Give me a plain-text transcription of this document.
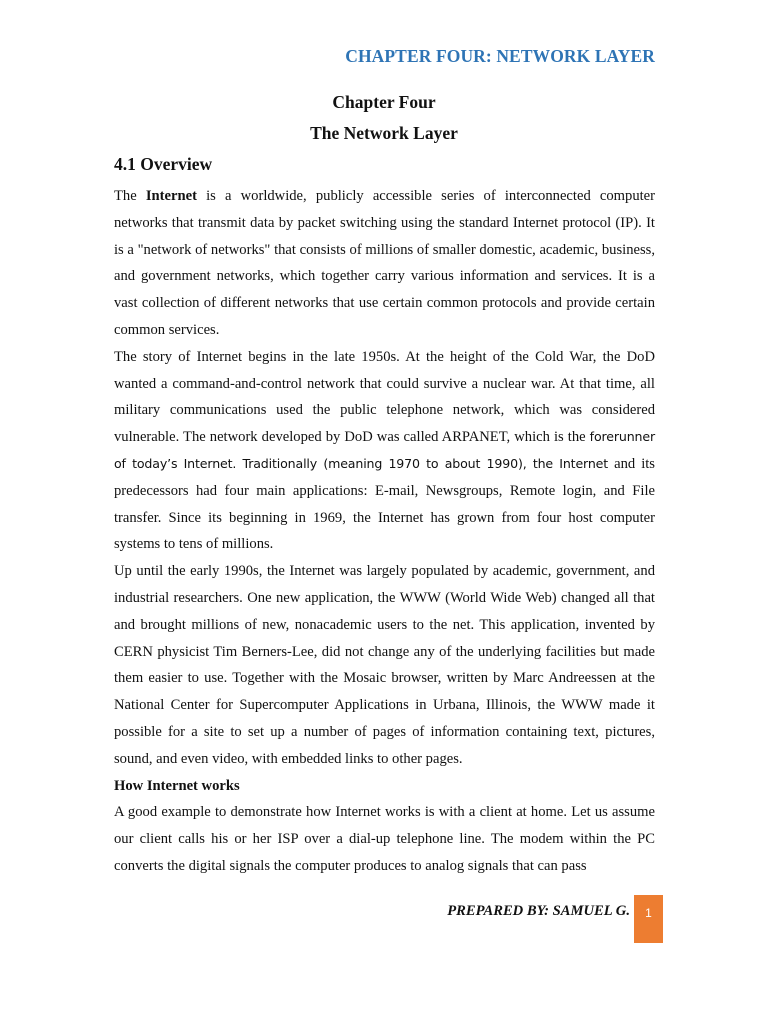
CHAPTER FOUR: NETWORK LAYER
Chapter Four
The Network Layer
4.1 Overview

The Internet is a worldwide, publicly accessible series of interconnected computer networks that transmit data by packet switching using the standard Internet protocol (IP). It is a "network of networks" that consists of millions of smaller domestic, academic, business, and government networks, which together carry various information and services. It is a vast collection of different networks that use certain common protocols and provide certain common services.

The story of Internet begins in the late 1950s. At the height of the Cold War, the DoD wanted a command-and-control network that could survive a nuclear war. At that time, all military communications used the public telephone network, which was considered vulnerable. The network developed by DoD was called ARPANET, which is the forerunner of today’s Internet. Traditionally (meaning 1970 to about 1990), the Internet and its predecessors had four main applications: E-mail, Newsgroups, Remote login, and File transfer. Since its beginning in 1969, the Internet has grown from four host computer systems to tens of millions.

Up until the early 1990s, the Internet was largely populated by academic, government, and industrial researchers. One new application, the WWW (World Wide Web) changed all that and brought millions of new, nonacademic users to the net. This application, invented by CERN physicist Tim Berners-Lee, did not change any of the underlying facilities but made them easier to use. Together with the Mosaic browser, written by Marc Andreessen at the National Center for Supercomputer Applications in Urbana, Illinois, the WWW made it possible for a site to set up a number of pages of information containing text, pictures, sound, and even video, with embedded links to other pages.

How Internet works

A good example to demonstrate how Internet works is with a client at home. Let us assume our client calls his or her ISP over a dial-up telephone line. The modem within the PC converts the digital signals the computer produces to analog signals that can pass

PREPARED BY: SAMUEL G.	1
